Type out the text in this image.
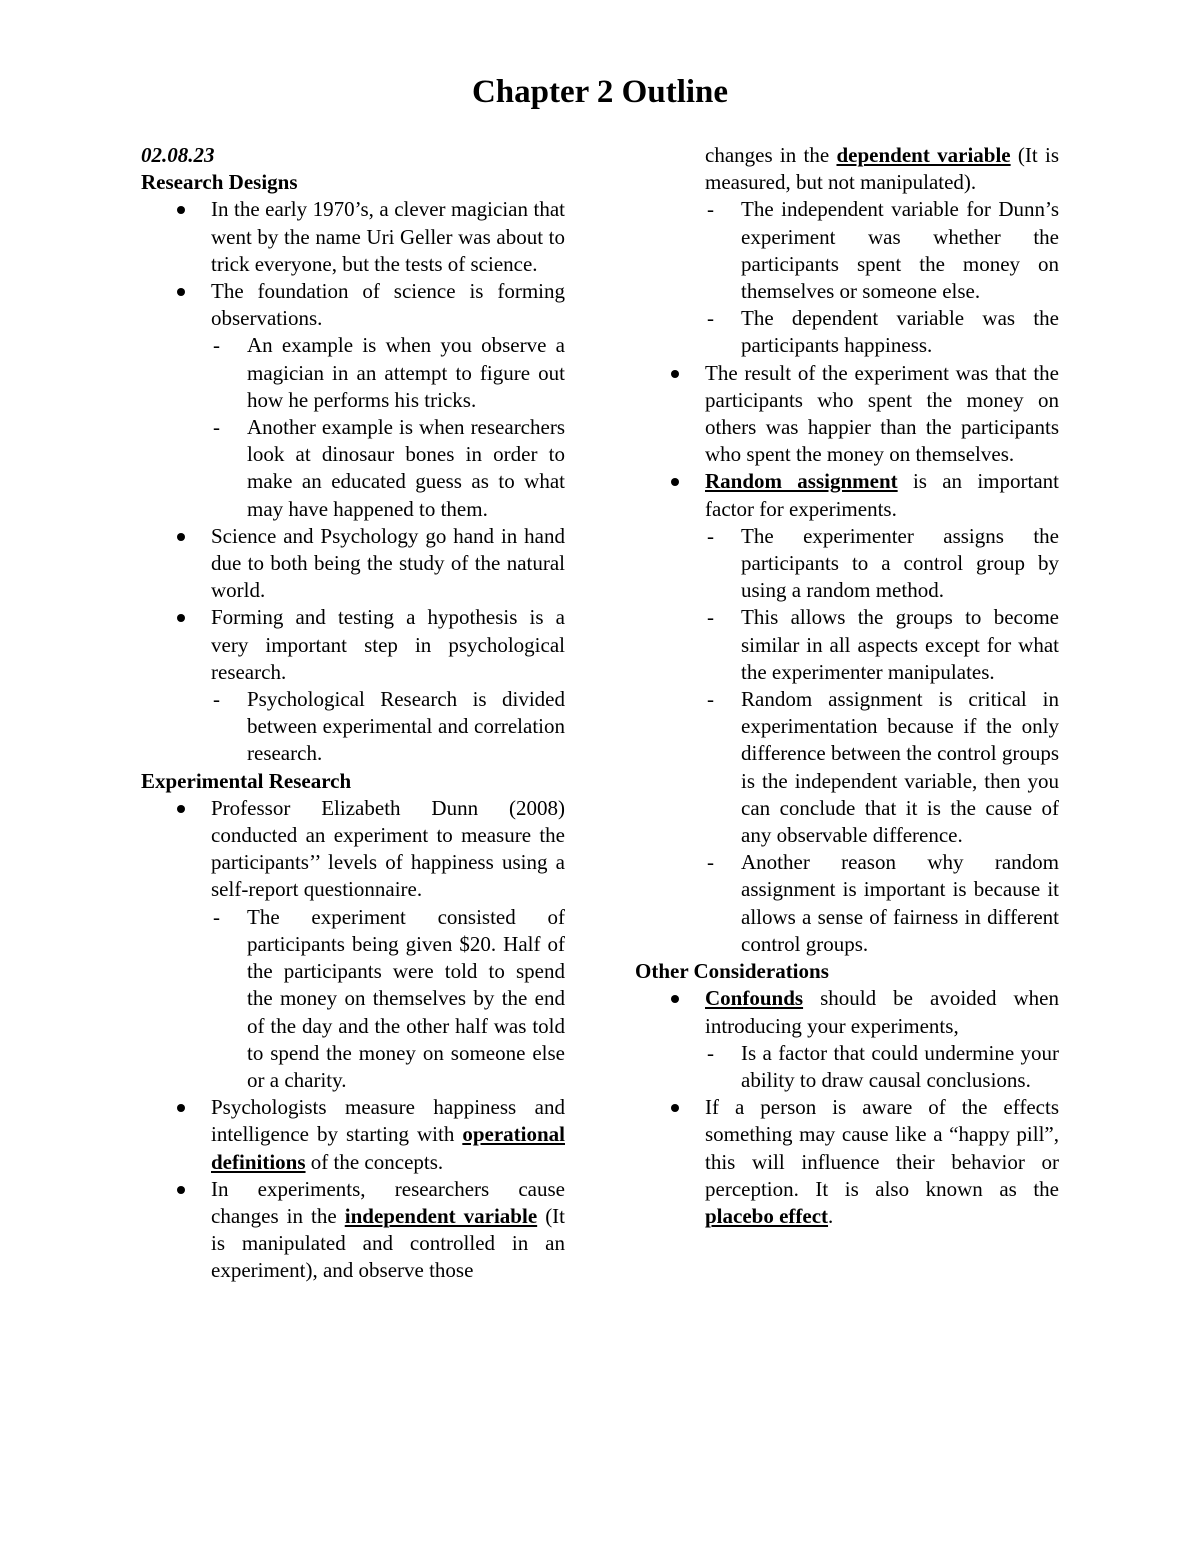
Chapter 2 Outline
02.08.23
Research Designs
In the early 1970’s, a clever magician that went by the name Uri Geller was about to trick everyone, but the tests of science.
The foundation of science is forming observations.
- An example is when you observe a magician in an attempt to figure out how he performs his tricks.
- Another example is when researchers look at dinosaur bones in order to make an educated guess as to what may have happened to them.
Science and Psychology go hand in hand due to both being the study of the natural world.
Forming and testing a hypothesis is a very important step in psychological research.
- Psychological Research is divided between experimental and correlation research.
Experimental Research
Professor Elizabeth Dunn (2008) conducted an experiment to measure the participants’’ levels of happiness using a self-report questionnaire.
- The experiment consisted of participants being given $20. Half of the participants were told to spend the money on themselves by the end of the day and the other half was told to spend the money on someone else or a charity.
Psychologists measure happiness and intelligence by starting with operational definitions of the concepts.
In experiments, researchers cause changes in the independent variable (It is manipulated and controlled in an experiment), and observe those
changes in the dependent variable (It is measured, but not manipulated).
- The independent variable for Dunn’s experiment was whether the participants spent the money on themselves or someone else.
- The dependent variable was the participants happiness.
The result of the experiment was that the participants who spent the money on others was happier than the participants who spent the money on themselves.
Random assignment is an important factor for experiments.
- The experimenter assigns the participants to a control group by using a random method.
- This allows the groups to become similar in all aspects except for what the experimenter manipulates.
- Random assignment is critical in experimentation because if the only difference between the control groups is the independent variable, then you can conclude that it is the cause of any observable difference.
- Another reason why random assignment is important is because it allows a sense of fairness in different control groups.
Other Considerations
Confounds should be avoided when introducing your experiments,
- Is a factor that could undermine your ability to draw causal conclusions.
If a person is aware of the effects something may cause like a “happy pill”, this will influence their behavior or perception. It is also known as the placebo effect.
